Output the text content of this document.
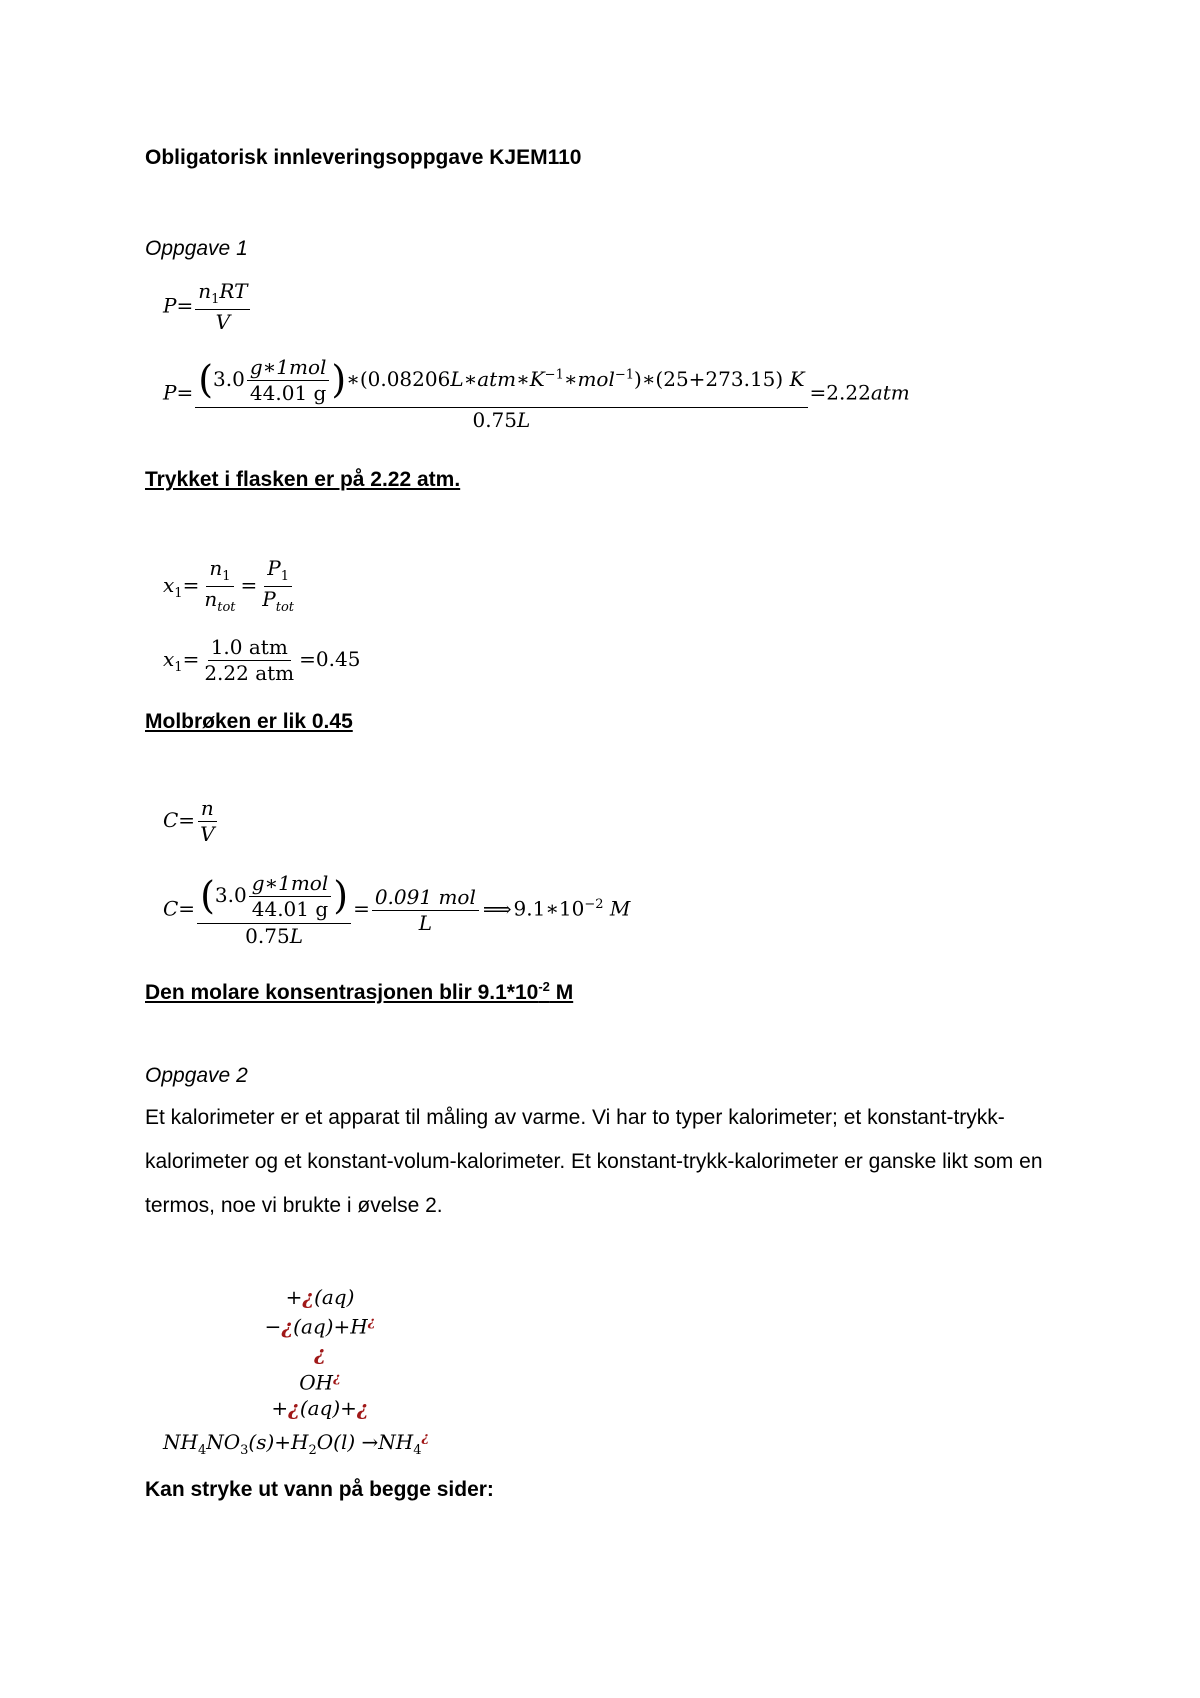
Obligatorisk innleveringsoppgave KJEM110
Oppgave 1
$P= \frac{n_1RT}{V}$
$P= \frac{(3.0 \frac{\text{g∗1mol}}{44.01 g} )∗(0.08206L∗atm∗K^{-1}∗mol^{-1})∗(25+273.15) K}{0.75L} =2.22atm$
Trykket i flasken er på 2.22 atm.
$x_1= \frac{n_1}{n_{tot}} = \frac{P_1}{P_{tot}}$
$x_1= \frac{\text{1.0 atm}}{\text{2.22 atm}} =0.45$
Molbrøken er lik 0.45
$C= \frac{n}{V}$
$C= \frac{(3.0 \frac{\text{g∗1mol}}{44.01 g} )}{0.75L} = \frac{\text{0.091 mol}}{L}$ ⟹ $9.1∗10^{-2}$ M
Den molare konsentrasjonen blir $9.1*10^{-2}$ M
Oppgave 2
Et kalorimeter er et apparat til måling av varme. Vi har to typer kalorimeter; et konstant-trykk-kalorimeter og et konstant-volum-kalorimeter. Et konstant-trykk-kalorimeter er ganske likt som en termos, noe vi brukte i øvelse 2.
+¿(aq)
−¿(aq)+H¿
¿
OH¿
+¿(aq)+¿
$NH_4NO_3(s)+H_2O(l) \to NH_4^¿$
Kan stryke ut vann på begge sider:
